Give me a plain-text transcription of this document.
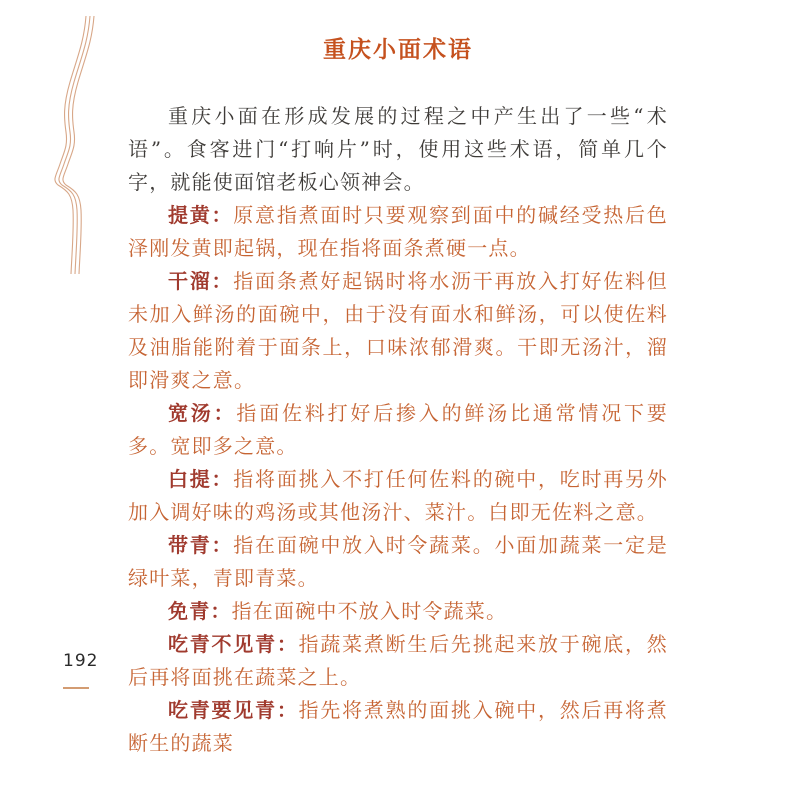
重庆小面术语

重庆小面在形成发展的过程之中产生出了一些“术语”。食客进门“打响片”时，使用这些术语，简单几个字，就能使面馆老板心领神会。

提黄：原意指煮面时只要观察到面中的碱经受热后色泽刚发黄即起锅，现在指将面条煮硬一点。

干溜：指面条煮好起锅时将水沥干再放入打好佐料但未加入鲜汤的面碗中，由于没有面水和鲜汤，可以使佐料及油脂能附着于面条上，口味浓郁滑爽。干即无汤汁，溜即滑爽之意。

宽汤：指面佐料打好后掺入的鲜汤比通常情况下要多。宽即多之意。

白提：指将面挑入不打任何佐料的碗中，吃时再另外加入调好味的鸡汤或其他汤汁、菜汁。白即无佐料之意。

带青：指在面碗中放入时令蔬菜。小面加蔬菜一定是绿叶菜，青即青菜。

免青：指在面碗中不放入时令蔬菜。

吃青不见青：指蔬菜煮断生后先挑起来放于碗底，然后再将面挑在蔬菜之上。

吃青要见青：指先将煮熟的面挑入碗中，然后再将煮断生的蔬菜

192
